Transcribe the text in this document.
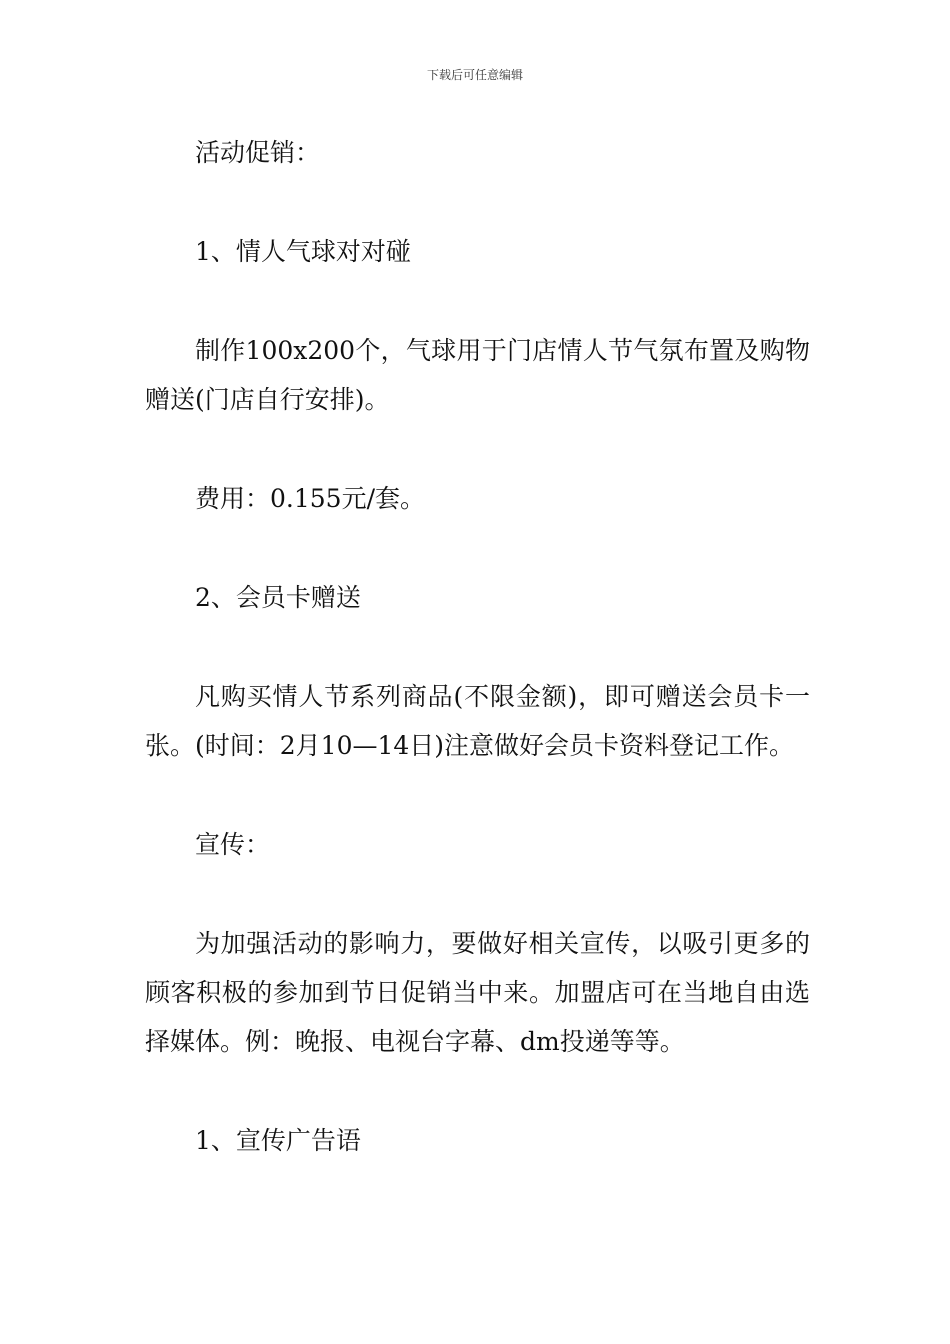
下载后可任意编辑

活动促销：

1、情人气球对对碰

制作100x200个，气球用于门店情人节气氛布置及购物赠送(门店自行安排)。

费用：0.155元/套。

2、会员卡赠送

凡购买情人节系列商品(不限金额)，即可赠送会员卡一张。(时间：2月10—14日)注意做好会员卡资料登记工作。

宣传：

为加强活动的影响力，要做好相关宣传，以吸引更多的顾客积极的参加到节日促销当中来。加盟店可在当地自由选择媒体。例：晚报、电视台字幕、dm投递等等。

1、宣传广告语
